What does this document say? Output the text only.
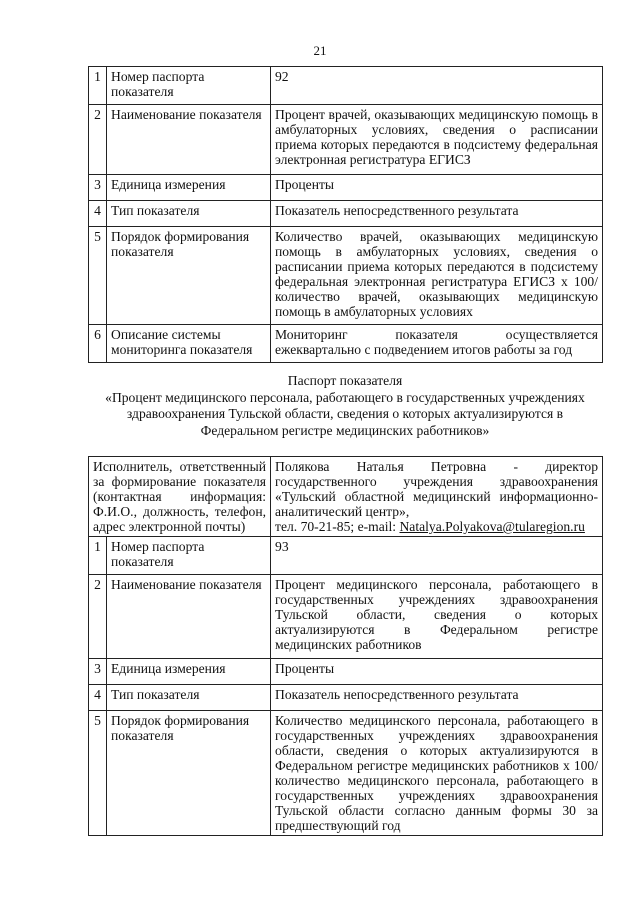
21
1	Номер паспорта показателя	92
2	Наименование показателя	Процент врачей, оказывающих медицинскую помощь в амбулаторных условиях, сведения о расписании приема которых передаются в подсистему федеральная электронная регистратура ЕГИСЗ
3	Единица измерения	Проценты
4	Тип показателя	Показатель непосредственного результата
5	Порядок формирования показателя	Количество врачей, оказывающих медицинскую помощь в амбулаторных условиях, сведения о расписании приема которых передаются в подсистему федеральная электронная регистратура ЕГИСЗ х 100/ количество врачей, оказывающих медицинскую помощь в амбулаторных условиях
6	Описание системы мониторинга показателя	Мониторинг показателя осуществляется ежеквартально с подведением итогов работы за год
Паспорт показателя
«Процент медицинского персонала, работающего в государственных учреждениях здравоохранения Тульской области, сведения о которых актуализируются в Федеральном регистре медицинских работников»
Исполнитель, ответственный за формирование показателя (контактная информация: Ф.И.О., должность, телефон, адрес электронной почты)		Полякова Наталья Петровна - директор государственного учреждения здравоохранения «Тульский областной медицинский информационно-аналитический центр»,
тел. 70-21-85; e-mail: Natalya.Polyakova@tularegion.ru
1	Номер паспорта показателя	93
2	Наименование показателя	Процент медицинского персонала, работающего в государственных учреждениях здравоохранения Тульской области, сведения о которых актуализируются в Федеральном регистре медицинских работников
3	Единица измерения	Проценты
4	Тип показателя	Показатель непосредственного результата
5	Порядок формирования показателя	Количество медицинского персонала, работающего в государственных учреждениях здравоохранения области, сведения о которых актуализируются в Федеральном регистре медицинских работников х 100/ количество медицинского персонала, работающего в государственных учреждениях здравоохранения Тульской области согласно данным формы 30 за предшествующий год
